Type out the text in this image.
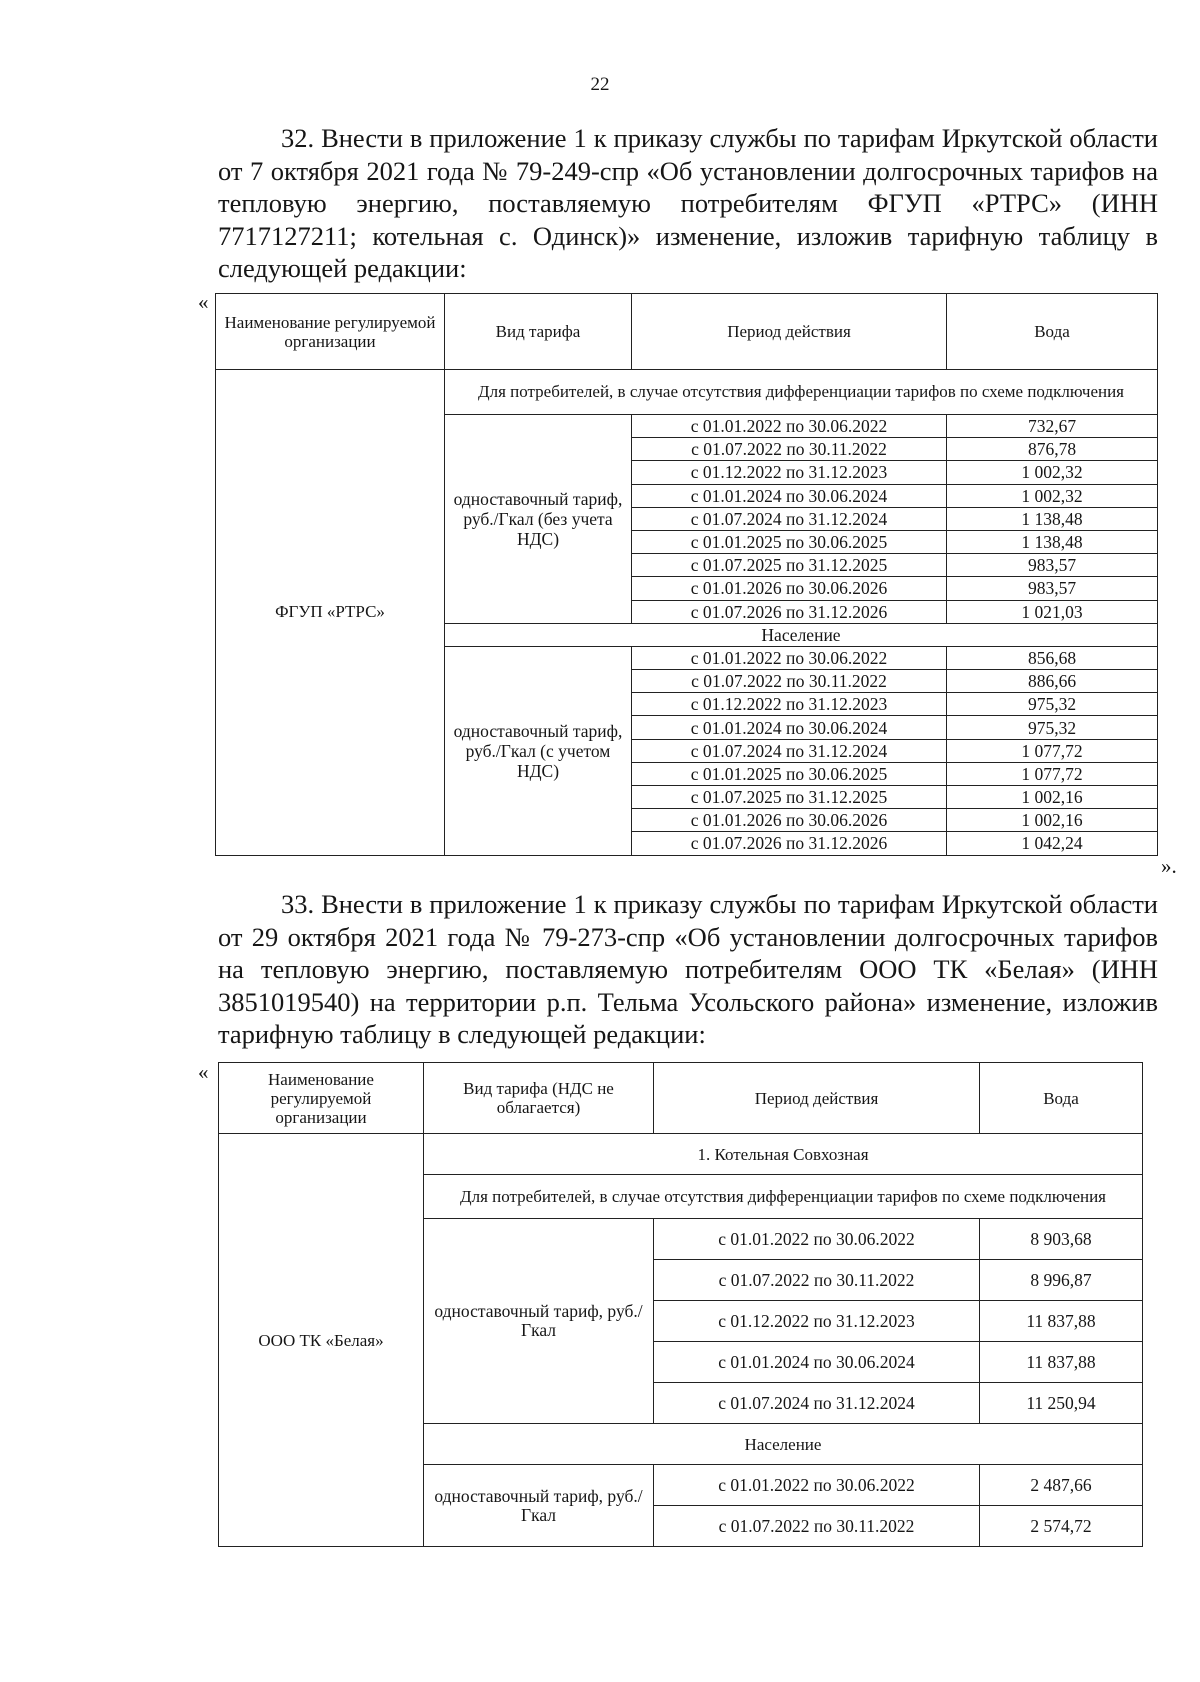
22

32. Внести в приложение 1 к приказу службы по тарифам Иркутской области от 7 октября 2021 года № 79-249-спр «Об установлении долгосрочных тарифов на тепловую энергию, поставляемую потребителям ФГУП «РТРС» (ИНН 7717127211; котельная с. Одинск)» изменение, изложив тарифную таблицу в следующей редакции:

«
Наименование регулируемой организации	Вид тарифа	Период действия	Вода
ФГУП «РТРС»	Для потребителей, в случае отсутствия дифференциации тарифов по схеме подключения		
	одноставочный тариф, руб./Гкал (без учета НДС)	с 01.01.2022 по 30.06.2022	732,67
		с 01.07.2022 по 30.11.2022	876,78
		с 01.12.2022 по 31.12.2023	1 002,32
		с 01.01.2024 по 30.06.2024	1 002,32
		с 01.07.2024 по 31.12.2024	1 138,48
		с 01.01.2025 по 30.06.2025	1 138,48
		с 01.07.2025 по 31.12.2025	983,57
		с 01.01.2026 по 30.06.2026	983,57
		с 01.07.2026 по 31.12.2026	1 021,03
	Население		
	одноставочный тариф, руб./Гкал (с учетом НДС)	с 01.01.2022 по 30.06.2022	856,68
		с 01.07.2022 по 30.11.2022	886,66
		с 01.12.2022 по 31.12.2023	975,32
		с 01.01.2024 по 30.06.2024	975,32
		с 01.07.2024 по 31.12.2024	1 077,72
		с 01.01.2025 по 30.06.2025	1 077,72
		с 01.07.2025 по 31.12.2025	1 002,16
		с 01.01.2026 по 30.06.2026	1 002,16
		с 01.07.2026 по 31.12.2026	1 042,24
».

33. Внести в приложение 1 к приказу службы по тарифам Иркутской области от 29 октября 2021 года № 79-273-спр «Об установлении долгосрочных тарифов на тепловую энергию, поставляемую потребителям ООО ТК «Белая» (ИНН 3851019540) на территории р.п. Тельма Усольского района» изменение, изложив тарифную таблицу в следующей редакции:

«	Наименование регулируемой организации	Вид тарифа (НДС не облагается)	Период действия	Вода
ООО ТК «Белая»	1. Котельная Совхозная		
	Для потребителей, в случае отсутствия дифференциации тарифов по схеме подключения		
	одноставочный тариф, руб./Гкал	с 01.01.2022 по 30.06.2022	8 903,68
		с 01.07.2022 по 30.11.2022	8 996,87
		с 01.12.2022 по 31.12.2023	11 837,88
		с 01.01.2024 по 30.06.2024	11 837,88
		с 01.07.2024 по 31.12.2024	11 250,94
	Население		
	одноставочный тариф, руб./Гкал	с 01.01.2022 по 30.06.2022	2 487,66
		с 01.07.2022 по 30.11.2022	2 574,72
